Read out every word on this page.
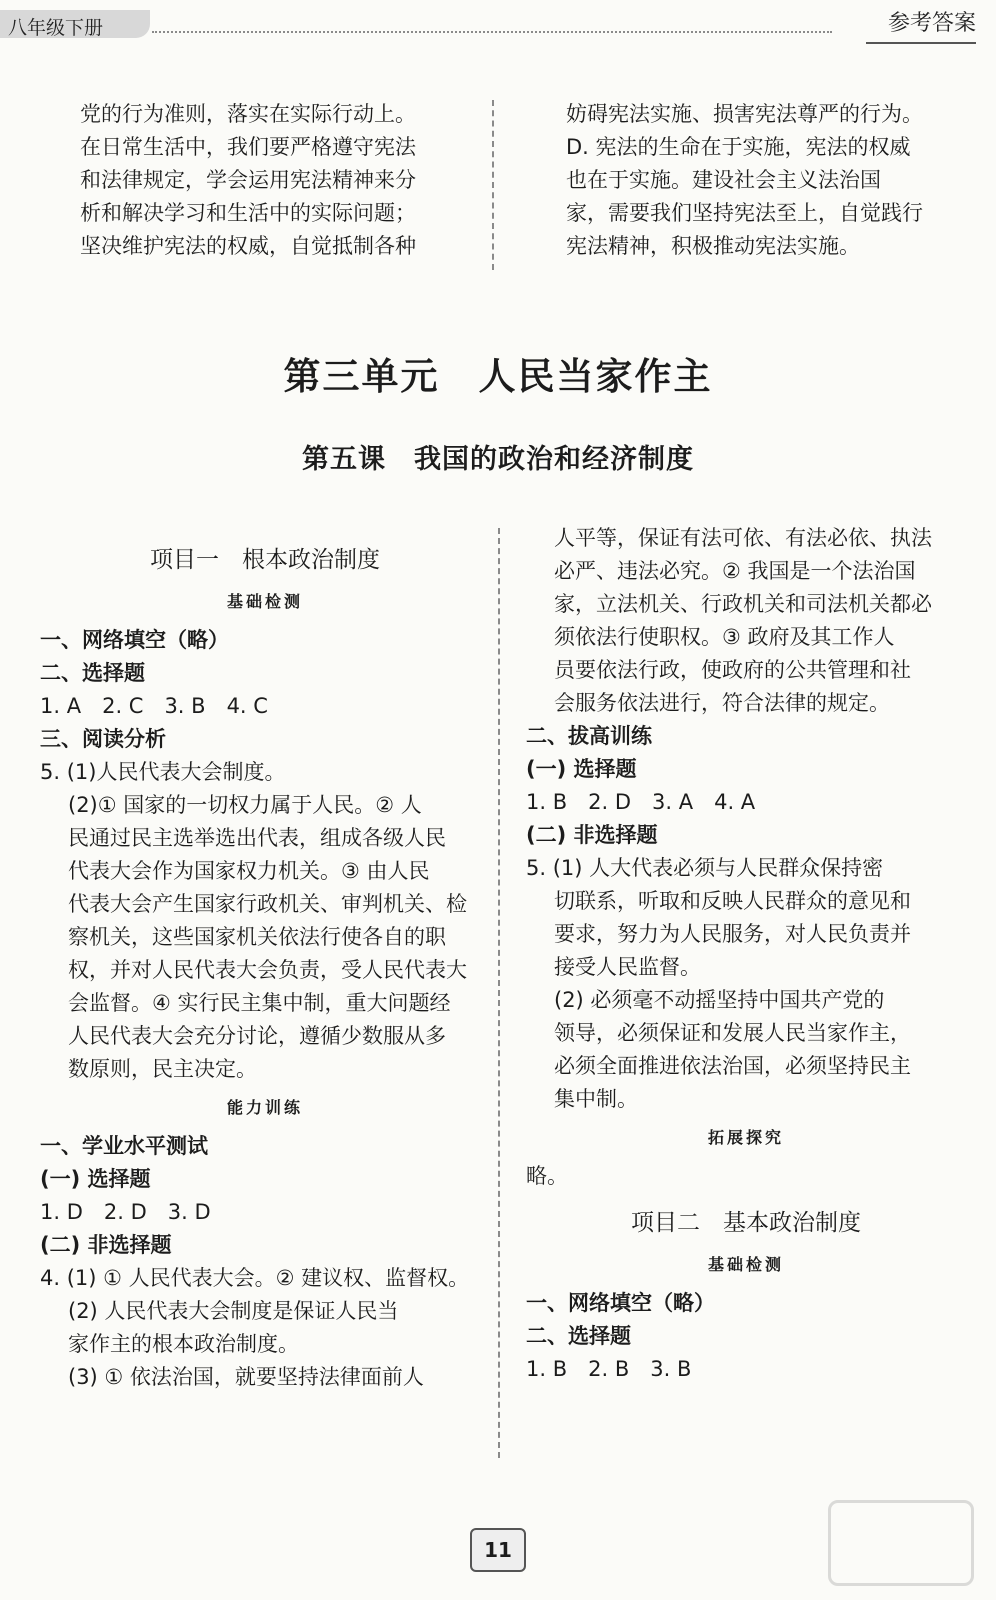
八年级下册	参考答案

党的行为准则，落实在实际行动上。

在日常生活中，我们要严格遵守宪法

和法律规定，学会运用宪法精神来分

析和解决学习和生活中的实际问题；

坚决维护宪法的权威，自觉抵制各种

妨碍宪法实施、损害宪法尊严的行为。

D. 宪法的生命在于实施，宪法的权威

也在于实施。建设社会主义法治国

家，需要我们坚持宪法至上，自觉践行

宪法精神，积极推动宪法实施。

第三单元　人民当家作主
第五课　我国的政治和经济制度

项目一　根本政治制度

基础检测

一、网络填空（略）

二、选择题

1. A　2. C　3. B　4. C

三、阅读分析

5. (1)人民代表大会制度。

(2)① 国家的一切权力属于人民。② 人

民通过民主选举选出代表，组成各级人民

代表大会作为国家权力机关。③ 由人民

代表大会产生国家行政机关、审判机关、检

察机关，这些国家机关依法行使各自的职

权，并对人民代表大会负责，受人民代表大

会监督。④ 实行民主集中制，重大问题经

人民代表大会充分讨论，遵循少数服从多

数原则，民主决定。

能力训练

一、学业水平测试

(一) 选择题

1. D　2. D　3. D

(二) 非选择题

4. (1) ① 人民代表大会。② 建议权、监督权。

(2) 人民代表大会制度是保证人民当

家作主的根本政治制度。

(3) ① 依法治国，就要坚持法律面前人

人平等，保证有法可依、有法必依、执法

必严、违法必究。② 我国是一个法治国

家，立法机关、行政机关和司法机关都必

须依法行使职权。③ 政府及其工作人

员要依法行政，使政府的公共管理和社

会服务依法进行，符合法律的规定。

二、拔高训练

(一) 选择题

1. B　2. D　3. A　4. A

(二) 非选择题

5. (1) 人大代表必须与人民群众保持密

切联系，听取和反映人民群众的意见和

要求，努力为人民服务，对人民负责并

接受人民监督。

(2) 必须毫不动摇坚持中国共产党的

领导，必须保证和发展人民当家作主，

必须全面推进依法治国，必须坚持民主

集中制。

拓展探究

略。

项目二　基本政治制度

基础检测

一、网络填空（略）

二、选择题

1. B　2. B　3. B

11
